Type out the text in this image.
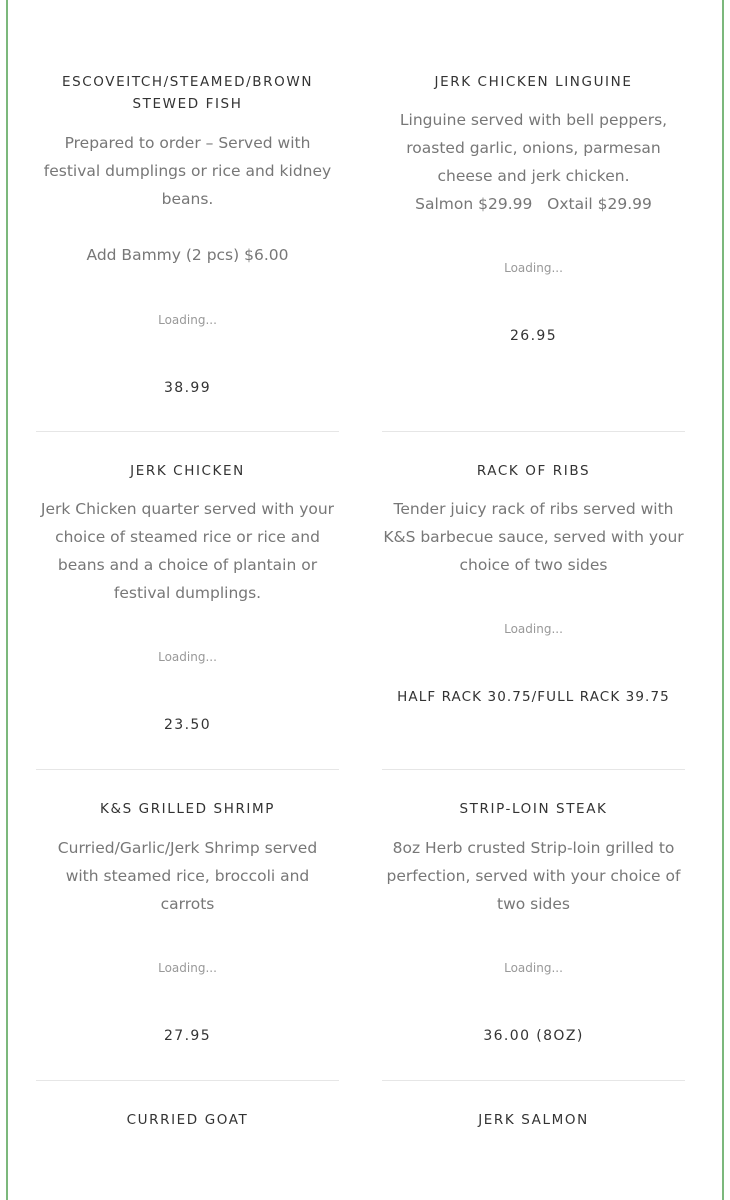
ESCOVEITCH/STEAMED/BROWN
STEWED FISH
Prepared to order – Served with
festival dumplings or rice and kidney
beans.
Add Bammy (2 pcs) $6.00
Loading...
38.99
JERK CHICKEN LINGUINE
Linguine served with bell peppers,
roasted garlic, onions, parmesan
cheese and jerk chicken.
Salmon $29.99   Oxtail $29.99
Loading...
26.95
JERK CHICKEN
Jerk Chicken quarter served with your
choice of steamed rice or rice and
beans and a choice of plantain or
festival dumplings.
Loading...
23.50
RACK OF RIBS
Tender juicy rack of ribs served with
K&S barbecue sauce, served with your
choice of two sides
Loading...
HALF RACK 30.75/FULL RACK 39.75
K&S GRILLED SHRIMP
Curried/Garlic/Jerk Shrimp served
with steamed rice, broccoli and
carrots
Loading...
27.95
STRIP-LOIN STEAK
8oz Herb crusted Strip-loin grilled to
perfection, served with your choice of
two sides
Loading...
36.00 (8OZ)
CURRIED GOAT	JERK SALMON
